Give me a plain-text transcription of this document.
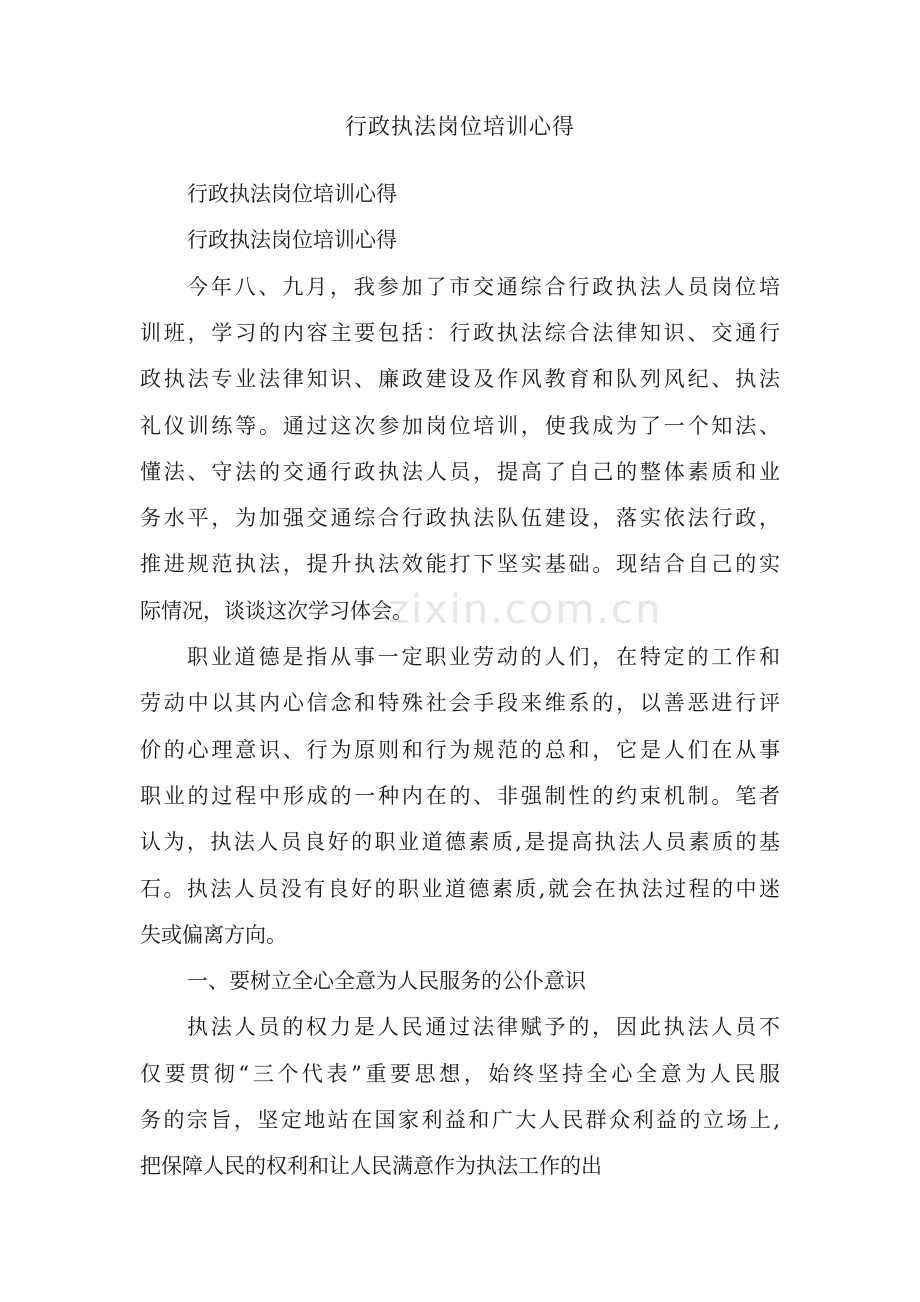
zixin.com.cn
行政执法岗位培训心得
行政执法岗位培训心得
行政执法岗位培训心得
今年八、九月，我参加了市交通综合行政执法人员岗位培
训班，学习的内容主要包括：行政执法综合法律知识、交通行
政执法专业法律知识、廉政建设及作风教育和队列风纪、执法
礼仪训练等。通过这次参加岗位培训，使我成为了一个知法、
懂法、守法的交通行政执法人员，提高了自己的整体素质和业
务水平，为加强交通综合行政执法队伍建设，落实依法行政，
推进规范执法，提升执法效能打下坚实基础。现结合自己的实
际情况，谈谈这次学习体会。
职业道德是指从事一定职业劳动的人们，在特定的工作和
劳动中以其内心信念和特殊社会手段来维系的，以善恶进行评
价的心理意识、行为原则和行为规范的总和，它是人们在从事
职业的过程中形成的一种内在的、非强制性的约束机制。笔者
认为，执法人员良好的职业道德素质,是提高执法人员素质的基
石。执法人员没有良好的职业道德素质,就会在执法过程的中迷
失或偏离方向。
一、要树立全心全意为人民服务的公仆意识
执法人员的权力是人民通过法律赋予的，因此执法人员不
仅要贯彻“三个代表”重要思想，始终坚持全心全意为人民服
务的宗旨，坚定地站在国家利益和广大人民群众利益的立场上,
把保障人民的权利和让人民满意作为执法工作的出
